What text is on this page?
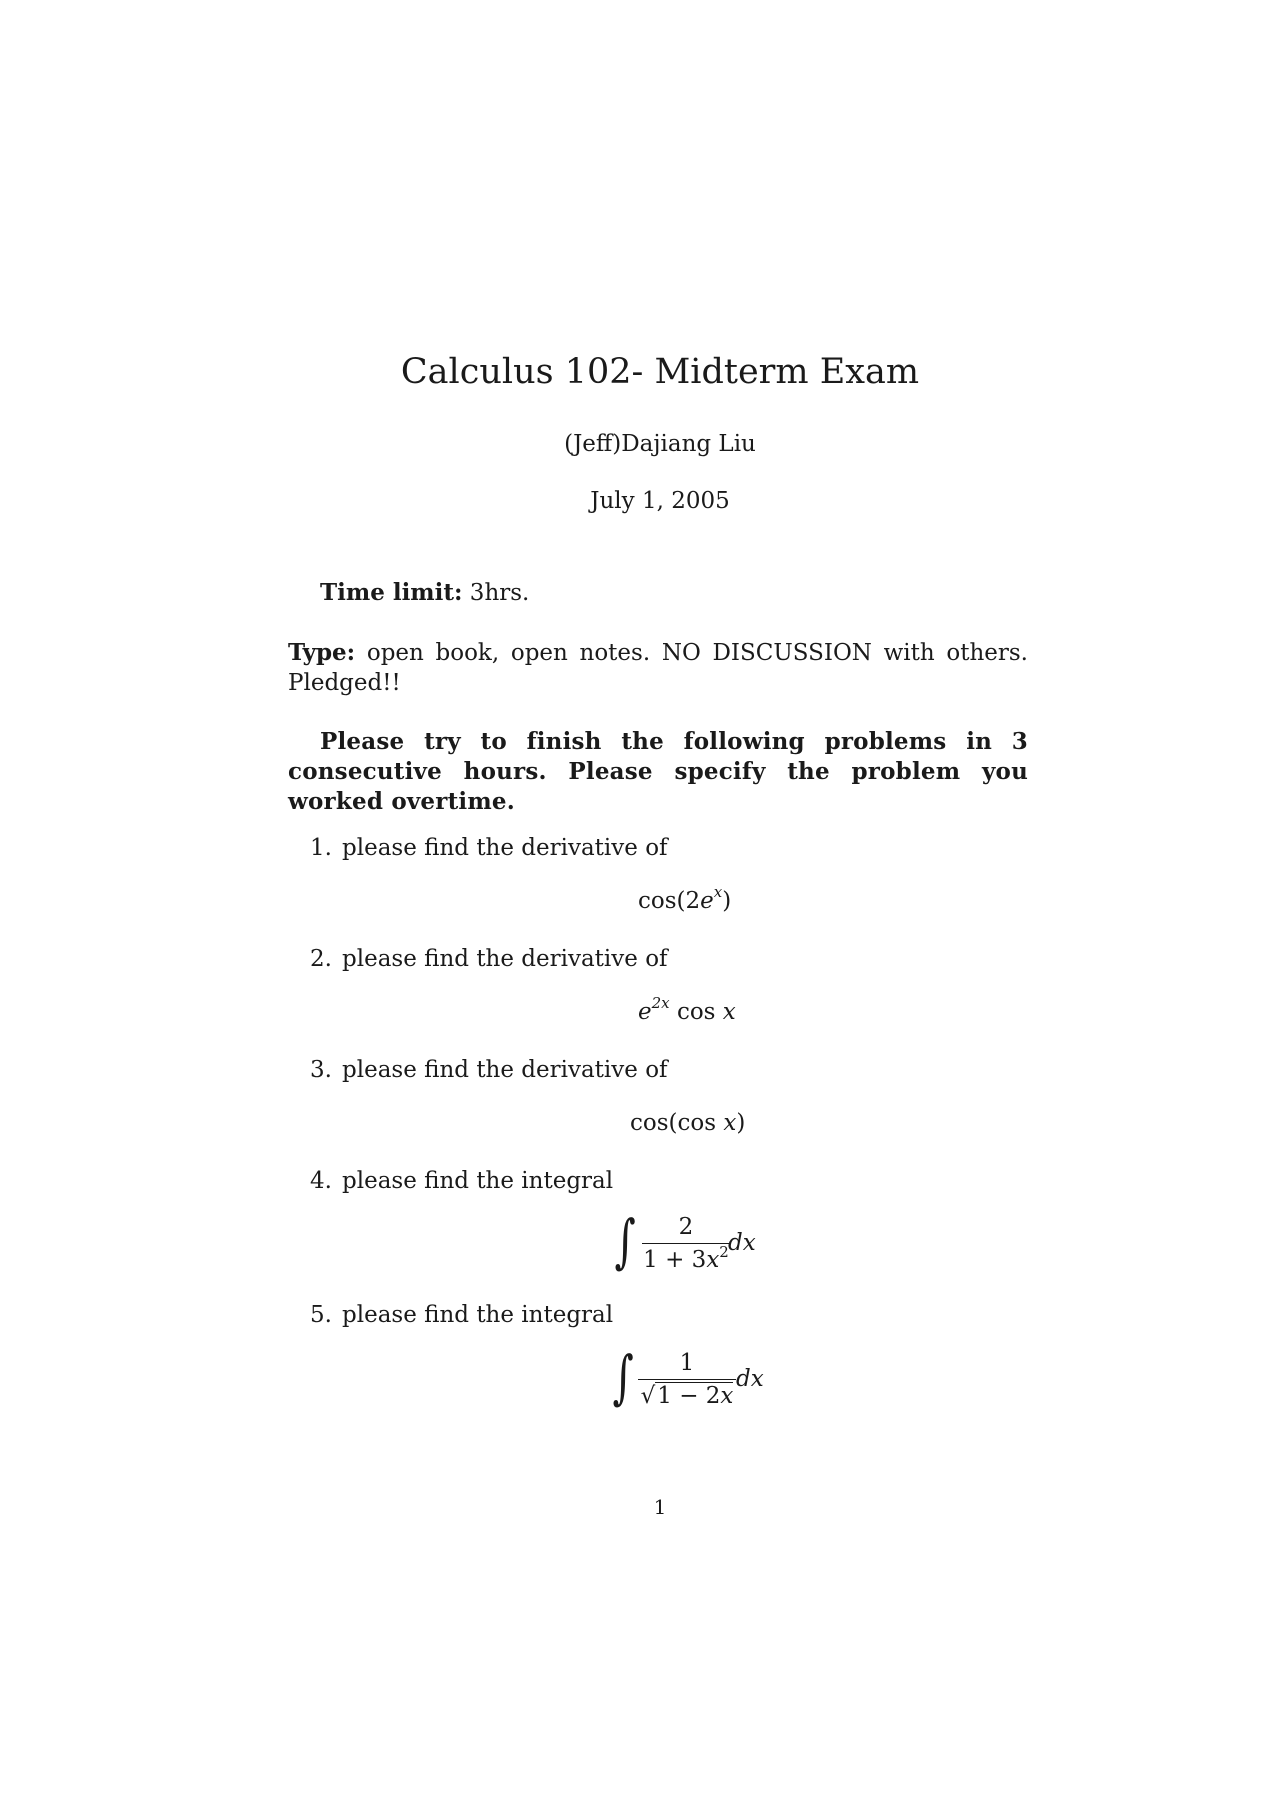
Calculus 102- Midterm Exam
(Jeff)Dajiang Liu
July 1, 2005
Time limit: 3hrs.
Type: open book, open notes. NO DISCUSSION with others. Pledged!!
Please try to finish the following problems in 3 consecutive hours. Please specify the problem you worked overtime.
1. please find the derivative of
$\cos(2e^x)$
2. please find the derivative of
$e^{2x}$ cos x
3. please find the derivative of
cos(cos x)
4. please find the integral
∫	2
$1 + 3x^2$ dx
5. please find the integral
∫	1
√1 − 2x
dx
1
